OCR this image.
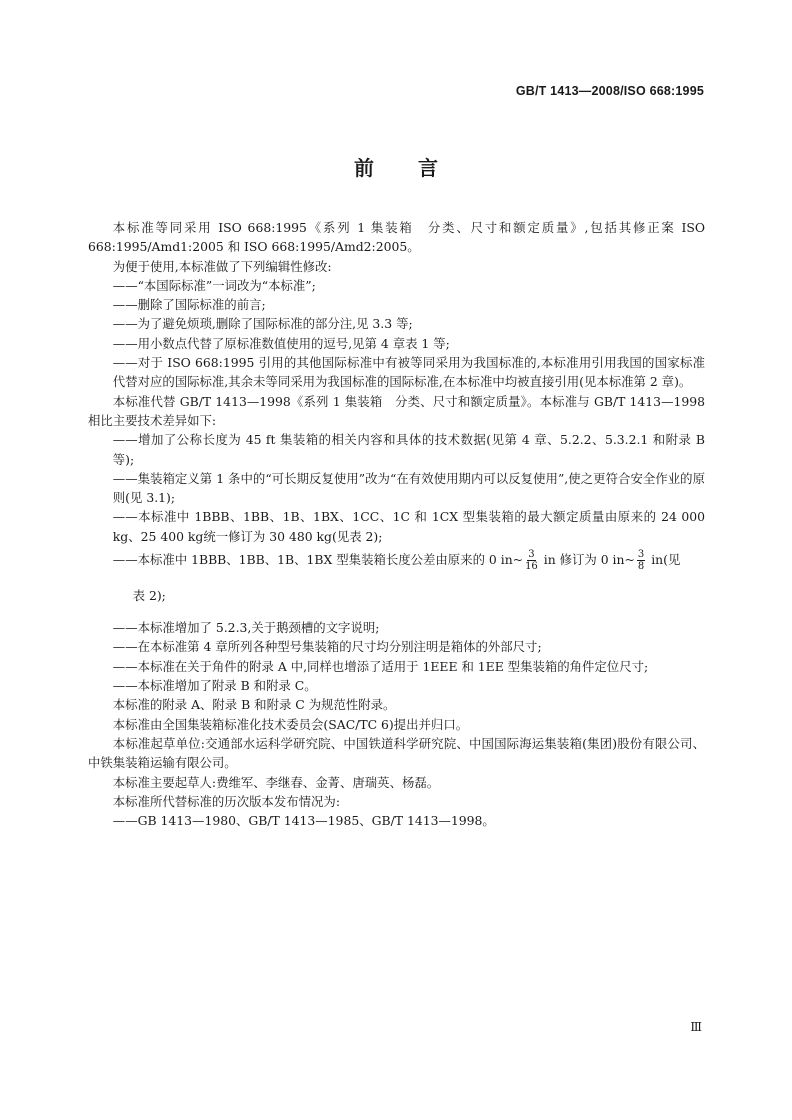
GB/T 1413—2008/ISO 668:1995
前言

本标准等同采用 ISO 668:1995《系列 1 集装箱　分类、尺寸和额定质量》,包括其修正案 ISO 668:1995/Amd1:2005 和 ISO 668:1995/Amd2:2005。

为便于使用,本标准做了下列编辑性修改:

——“本国际标准”一词改为“本标准”;

——删除了国际标准的前言;

——为了避免烦琐,删除了国际标准的部分注,见 3.3 等;

——用小数点代替了原标准数值使用的逗号,见第 4 章表 1 等;

——对于 ISO 668:1995 引用的其他国际标准中有被等同采用为我国标准的,本标准用引用我国的国家标准代替对应的国际标准,其余未等同采用为我国标准的国际标准,在本标准中均被直接引用(见本标准第 2 章)。

本标准代替 GB/T 1413—1998《系列 1 集装箱　分类、尺寸和额定质量》。本标准与 GB/T 1413—1998 相比主要技术差异如下:

——增加了公称长度为 45 ft 集装箱的相关内容和具体的技术数据(见第 4 章、5.2.2、5.3.2.1 和附录 B 等);

——集装箱定义第 1 条中的“可长期反复使用”改为“在有效使用期内可以反复使用”,使之更符合安全作业的原则(见 3.1);

——本标准中 1BBB、1BB、1B、1BX、1CC、1C 和 1CX 型集装箱的最大额定质量由原来的 24 000 kg、25 400 kg统一修订为 30 480 kg(见表 2);

——本标准中 1BBB、1BB、1B、1BX 型集装箱长度公差由原来的 0 in~ $\frac{3}{16}$ in 修订为 0 in~ $\frac{3}{8} in$(见

表 2);

——本标准增加了 5.2.3,关于鹅颈槽的文字说明;

——在本标准第 4 章所列各种型号集装箱的尺寸均分别注明是箱体的外部尺寸;

——本标准在关于角件的附录 A 中,同样也增添了适用于 1EEE 和 1EE 型集装箱的角件定位尺寸;

——本标准增加了附录 B 和附录 C。

本标准的附录 A、附录 B 和附录 C 为规范性附录。

本标准由全国集装箱标准化技术委员会(SAC/TC 6)提出并归口。

本标准起草单位:交通部水运科学研究院、中国铁道科学研究院、中国国际海运集装箱(集团)股份有限公司、中铁集装箱运输有限公司。

本标准主要起草人:费维军、李继春、金菁、唐瑞英、杨磊。

本标准所代替标准的历次版本发布情况为:

——GB 1413—1980、GB/T 1413—1985、GB/T 1413—1998。

Ⅲ
